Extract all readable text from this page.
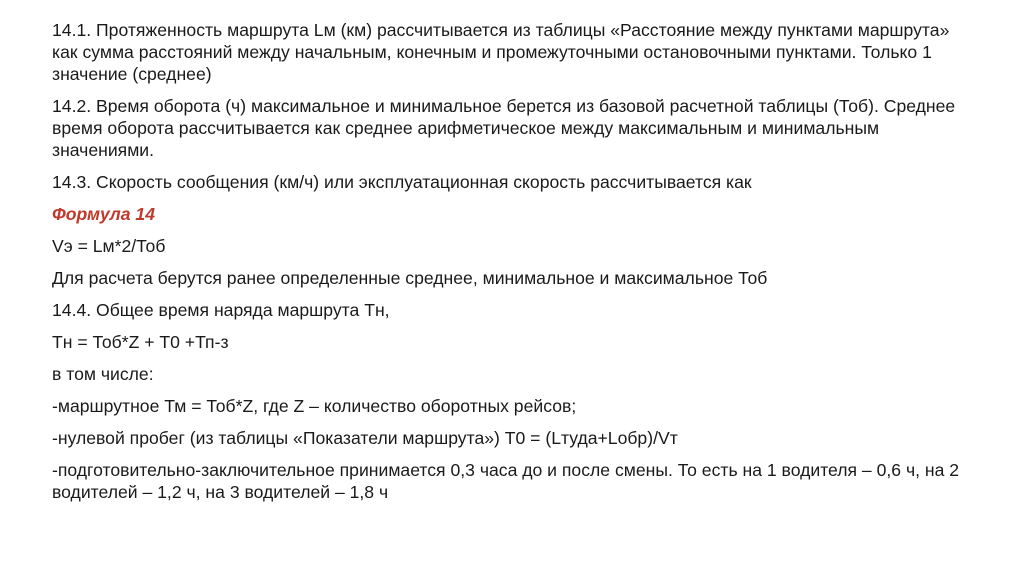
14.1. Протяженность маршрута Lм (км) рассчитывается из таблицы «Расстояние между пунктами маршрута» как сумма расстояний между начальным, конечным и промежуточными остановочными пунктами. Только 1 значение (среднее)

14.2. Время оборота (ч) максимальное и минимальное берется из базовой расчетной таблицы (Тоб). Среднее время оборота рассчитывается как среднее арифметическое между максимальным и минимальным значениями.

14.3. Скорость сообщения (км/ч) или эксплуатационная скорость рассчитывается как

Формула 14

Vэ = Lм*2/Тоб

Для расчета берутся ранее определенные среднее, минимальное и максимальное Тоб

14.4. Общее время наряда маршрута Тн,

Тн = Тоб*Z + Т0 +Тп-з

в том числе:

-маршрутное Тм = Тоб*Z, где Z – количество оборотных рейсов;

-нулевой пробег (из таблицы «Показатели маршрута») Т0 = (Lтуда+Lобр)/Vт

-подготовительно-заключительное принимается 0,3 часа до и после смены. То есть на 1 водителя – 0,6 ч, на 2 водителей – 1,2 ч, на 3 водителей – 1,8 ч
